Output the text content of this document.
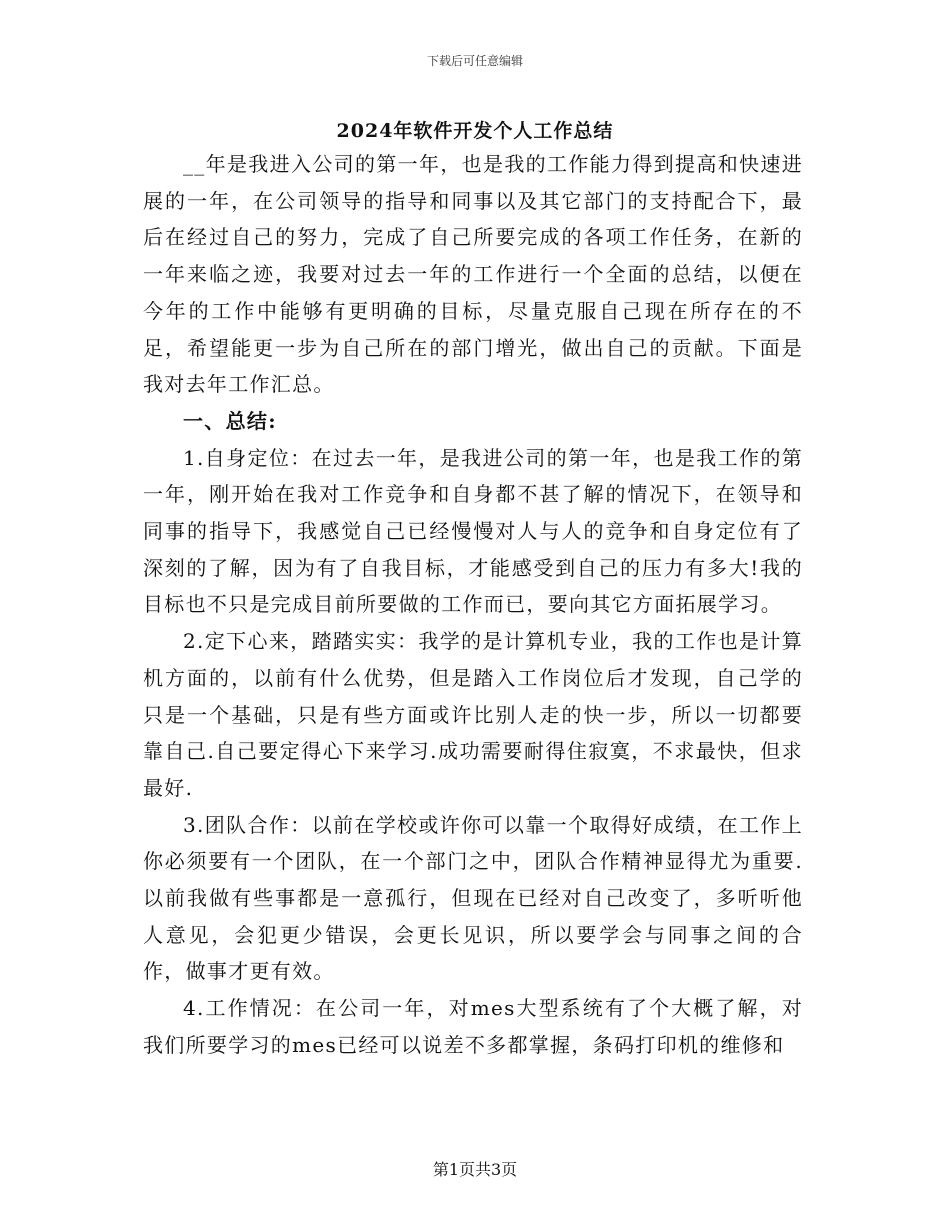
下载后可任意编辑
2024年软件开发个人工作总结

__年是我进入公司的第一年，也是我的工作能力得到提高和快速进展的一年，在公司领导的指导和同事以及其它部门的支持配合下，最后在经过自己的努力，完成了自己所要完成的各项工作任务，在新的一年来临之迹，我要对过去一年的工作进行一个全面的总结，以便在今年的工作中能够有更明确的目标，尽量克服自己现在所存在的不足，希望能更一步为自己所在的部门增光，做出自己的贡献。下面是我对去年工作汇总。

一、总结:

1.自身定位：在过去一年，是我进公司的第一年，也是我工作的第一年，刚开始在我对工作竞争和自身都不甚了解的情况下，在领导和同事的指导下，我感觉自己已经慢慢对人与人的竞争和自身定位有了深刻的了解，因为有了自我目标，才能感受到自己的压力有多大!我的目标也不只是完成目前所要做的工作而已，要向其它方面拓展学习。

2.定下心来，踏踏实实：我学的是计算机专业，我的工作也是计算机方面的，以前有什么优势，但是踏入工作岗位后才发现，自己学的只是一个基础，只是有些方面或许比别人走的快一步，所以一切都要靠自己.自己要定得心下来学习.成功需要耐得住寂寞，不求最快，但求最好.

3.团队合作：以前在学校或许你可以靠一个取得好成绩，在工作上你必须要有一个团队，在一个部门之中，团队合作精神显得尤为重要.以前我做有些事都是一意孤行，但现在已经对自己改变了，多听听他人意见，会犯更少错误，会更长见识，所以要学会与同事之间的合作，做事才更有效。

4.工作情况：在公司一年，对mes大型系统有了个大概了解，对我们所要学习的mes已经可以说差不多都掌握，条码打印机的维修和

第1页共3页
